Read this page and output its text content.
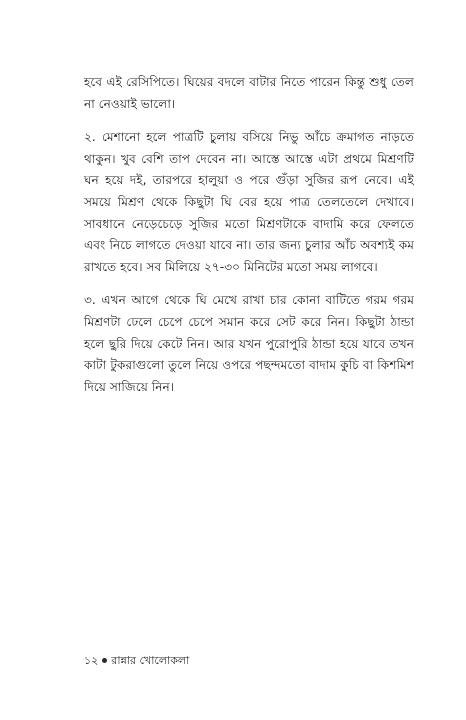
হবে এই রেসিপিতে। ঘিয়ের বদলে বাটার নিতে পারেন কিন্তু শুধু তেল না নেওয়াই ভালো।

২. মেশানো হলে পাত্রটি চুলায় বসিয়ে নিভু আঁচে ক্রমাগত নাড়তে থাকুন। খুব বেশি তাপ দেবেন না। আস্তে আস্তে এটা প্রথমে মিশ্রণটি ঘন হয়ে দই, তারপরে হালুয়া ও পরে গুঁড়া সুজির রূপ নেবে। এই সময়ে মিশ্রণ থেকে কিছুটা ঘি বের হয়ে পাত্র তেলতেলে দেখাবে। সাবধানে নেড়েচেড়ে সুজির মতো মিশ্রণটাকে বাদামি করে ফেলতে এবং নিচে লাগতে দেওয়া যাবে না। তার জন্য চুলার আঁচ অবশ্যই কম রাখতে হবে। সব মিলিয়ে ২৭-৩০ মিনিটের মতো সময় লাগবে।

৩. এখন আগে থেকে ঘি মেখে রাখা চার কোনা বাটিতে গরম গরম মিশ্রণটা ঢেলে চেপে চেপে সমান করে সেট করে নিন। কিছুটা ঠান্ডা হলে ছুরি দিয়ে কেটে নিন। আর যখন পুরোপুরি ঠান্ডা হয়ে যাবে তখন কাটা টুকরাগুলো তুলে নিয়ে ওপরে পছন্দমতো বাদাম কুচি বা কিশমিশ দিয়ে সাজিয়ে নিন।

১২ রান্নার খোলোকলা
